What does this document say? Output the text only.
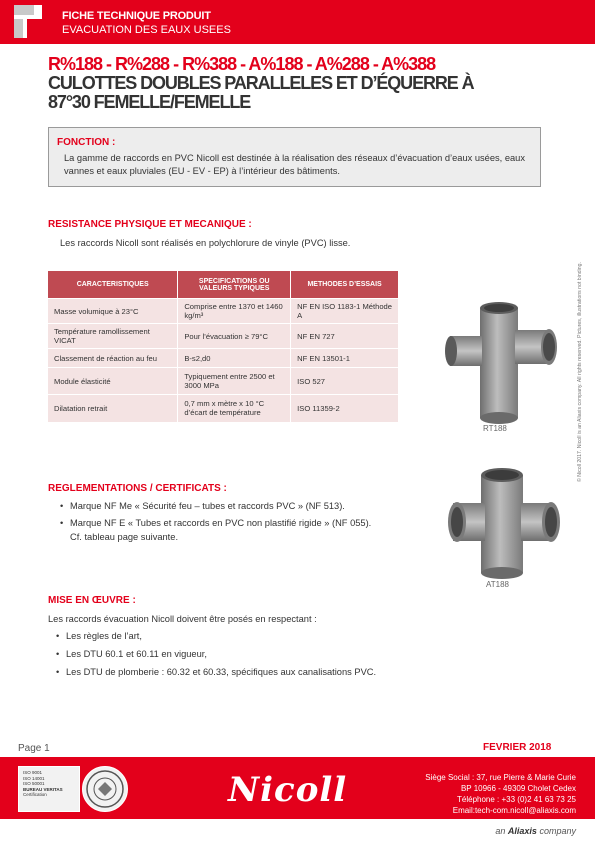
FICHE TECHNIQUE PRODUIT
EVACUATION DES EAUX USEES
R%188 - R%288 - R%388 - A%188 - A%288 - A%388
CULOTTES DOUBLES PARALLELES ET D’ÉQUERRE À
87°30 FEMELLE/FEMELLE
FONCTION :
La gamme de raccords en PVC Nicoll est destinée à la réalisation des réseaux d’évacuation d’eaux usées, eaux vannes et eaux pluviales (EU - EV - EP) à l’intérieur des bâtiments.
RESISTANCE PHYSIQUE ET MECANIQUE :
Les raccords Nicoll sont réalisés en polychlorure de vinyle (PVC) lisse.
CARACTERISTIQUES	SPECIFICATIONS OU VALEURS TYPIQUES	METHODES D’ESSAIS
Masse volumique à 23°C	Comprise entre 1370 et 1460 kg/m³	NF EN ISO 1183-1 Méthode A
Température ramollissement VICAT	Pour l’évacuation ≥ 79°C	NF EN 727
Classement de réaction au feu	B-s2,d0	NF EN 13501-1
Module élasticité	Typiquement entre 2500 et 3000 MPa	ISO 527
Dilatation retrait	0,7 mm x mètre x 10 °C d’écart de température	ISO 11359-2
RT188
AT188
REGLEMENTATIONS / CERTIFICATS :
• Marque NF Me « Sécurité feu – tubes et raccords PVC » (NF 513).
• Marque NF E « Tubes et raccords en PVC non plastifié rigide » (NF 055).
Cf. tableau page suivante.
MISE EN ŒUVRE :
Les raccords évacuation Nicoll doivent être posés en respectant :
• Les règles de l’art,
• Les DTU 60.1 et 60.11 en vigueur,
• Les DTU de plomberie : 60.32 et 60.33, spécifiques aux canalisations PVC.
© Nicoll 2017. Nicoll is an Aliaxis company. All rights reserved. Pictures, illustrations not binding.
Page 1	FEVRIER 2018
ISO 9001
ISO 14001
ISO 50001
BUREAU VERITAS
Certification	Nicoll	Siège Social : 37, rue Pierre & Marie Curie
BP 10966 - 49309 Cholet Cedex
Téléphone : +33 (0)2 41 63 73 25
Email:tech-com.nicoll@aliaxis.com
an Aliaxis company
